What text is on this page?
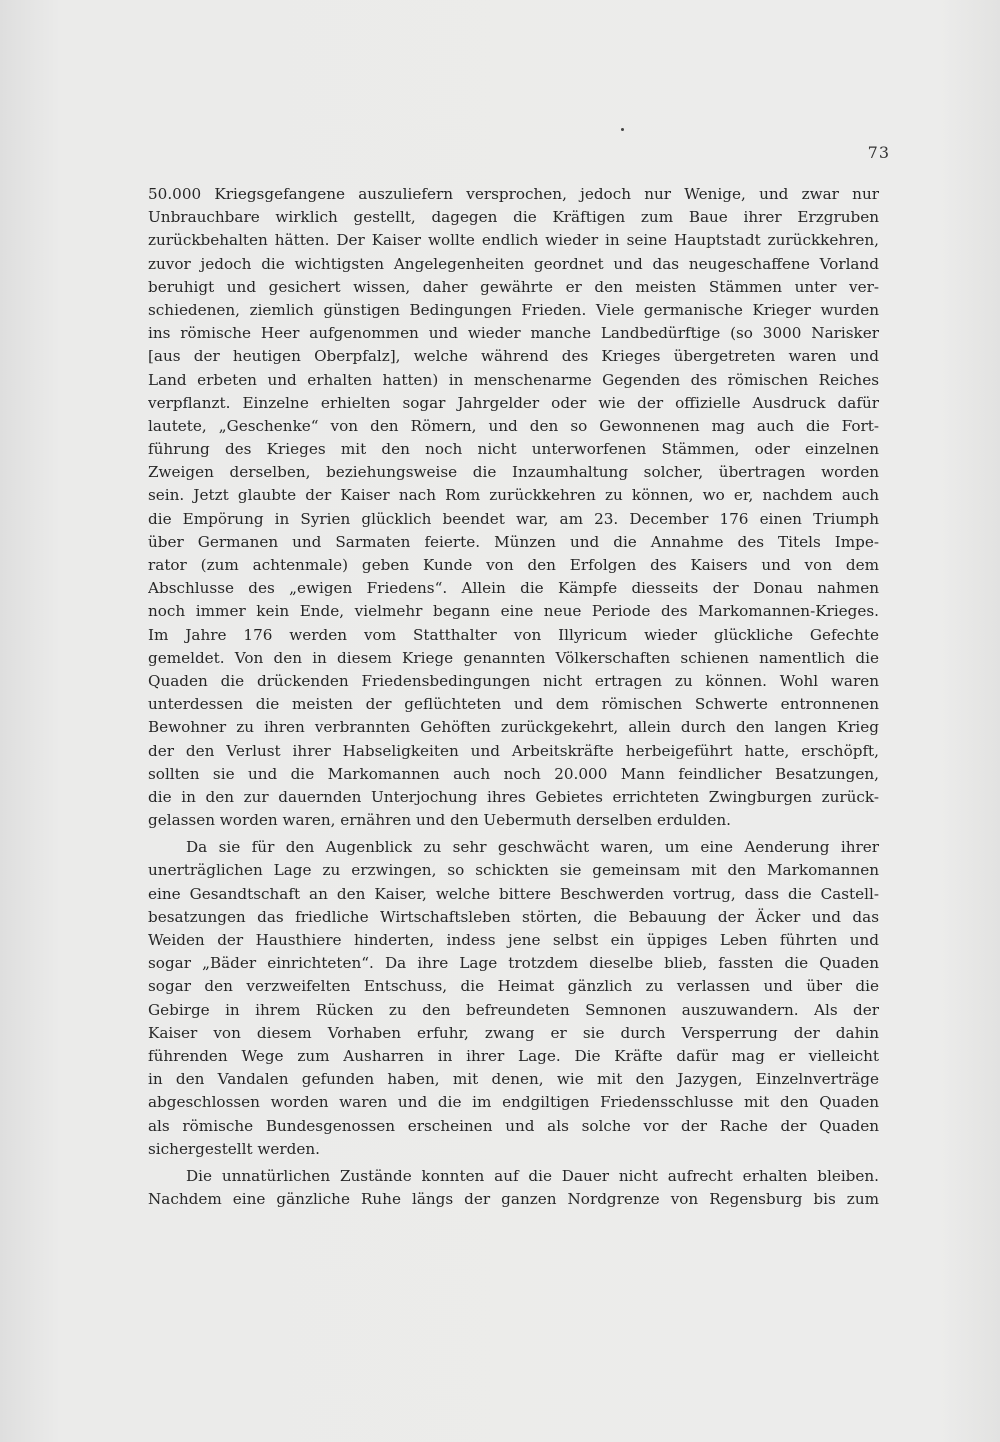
73
50.000 Kriegsgefangene auszuliefern versprochen, jedoch nur Wenige, und zwar nur
Unbrauchbare wirklich gestellt, dagegen die Kräftigen zum Baue ihrer Erzgruben
zurückbehalten hätten. Der Kaiser wollte endlich wieder in seine Hauptstadt zurückkehren,
zuvor jedoch die wichtigsten Angelegenheiten geordnet und das neugeschaffene Vorland
beruhigt und gesichert wissen, daher gewährte er den meisten Stämmen unter ver-
schiedenen, ziemlich günstigen Bedingungen Frieden. Viele germanische Krieger wurden
ins römische Heer aufgenommen und wieder manche Landbedürftige (so 3000 Narisker
[aus der heutigen Oberpfalz], welche während des Krieges übergetreten waren und
Land erbeten und erhalten hatten) in menschenarme Gegenden des römischen Reiches
verpflanzt. Einzelne erhielten sogar Jahrgelder oder wie der offizielle Ausdruck dafür
lautete, „Geschenke“ von den Römern, und den so Gewonnenen mag auch die Fort-
führung des Krieges mit den noch nicht unterworfenen Stämmen, oder einzelnen
Zweigen derselben, beziehungsweise die Inzaumhaltung solcher, übertragen worden
sein. Jetzt glaubte der Kaiser nach Rom zurückkehren zu können, wo er, nachdem auch
die Empörung in Syrien glücklich beendet war, am 23. December 176 einen Triumph
über Germanen und Sarmaten feierte. Münzen und die Annahme des Titels Impe-
rator (zum achtenmale) geben Kunde von den Erfolgen des Kaisers und von dem
Abschlusse des „ewigen Friedens“. Allein die Kämpfe diesseits der Donau nahmen
noch immer kein Ende, vielmehr begann eine neue Periode des Markomannen-Krieges.
Im Jahre 176 werden vom Statthalter von Illyricum wieder glückliche Gefechte
gemeldet. Von den in diesem Kriege genannten Völkerschaften schienen namentlich die
Quaden die drückenden Friedensbedingungen nicht ertragen zu können. Wohl waren
unterdessen die meisten der geflüchteten und dem römischen Schwerte entronnenen
Bewohner zu ihren verbrannten Gehöften zurückgekehrt, allein durch den langen Krieg
der den Verlust ihrer Habseligkeiten und Arbeitskräfte herbeigeführt hatte, erschöpft,
sollten sie und die Markomannen auch noch 20.000 Mann feindlicher Besatzungen,
die in den zur dauernden Unterjochung ihres Gebietes errichteten Zwingburgen zurück-
gelassen worden waren, ernähren und den Uebermuth derselben erdulden.
Da sie für den Augenblick zu sehr geschwächt waren, um eine Aenderung ihrer
unerträglichen Lage zu erzwingen, so schickten sie gemeinsam mit den Markomannen
eine Gesandtschaft an den Kaiser, welche bittere Beschwerden vortrug, dass die Castell-
besatzungen das friedliche Wirtschaftsleben störten, die Bebauung der Äcker und das
Weiden der Hausthiere hinderten, indess jene selbst ein üppiges Leben führten und
sogar „Bäder einrichteten“. Da ihre Lage trotzdem dieselbe blieb, fassten die Quaden
sogar den verzweifelten Entschuss, die Heimat gänzlich zu verlassen und über die
Gebirge in ihrem Rücken zu den befreundeten Semnonen auszuwandern. Als der
Kaiser von diesem Vorhaben erfuhr, zwang er sie durch Versperrung der dahin
führenden Wege zum Ausharren in ihrer Lage. Die Kräfte dafür mag er vielleicht
in den Vandalen gefunden haben, mit denen, wie mit den Jazygen, Einzelnverträge
abgeschlossen worden waren und die im endgiltigen Friedensschlusse mit den Quaden
als römische Bundesgenossen erscheinen und als solche vor der Rache der Quaden
sichergestellt werden.
Die unnatürlichen Zustände konnten auf die Dauer nicht aufrecht erhalten bleiben.
Nachdem eine gänzliche Ruhe längs der ganzen Nordgrenze von Regensburg bis zum
